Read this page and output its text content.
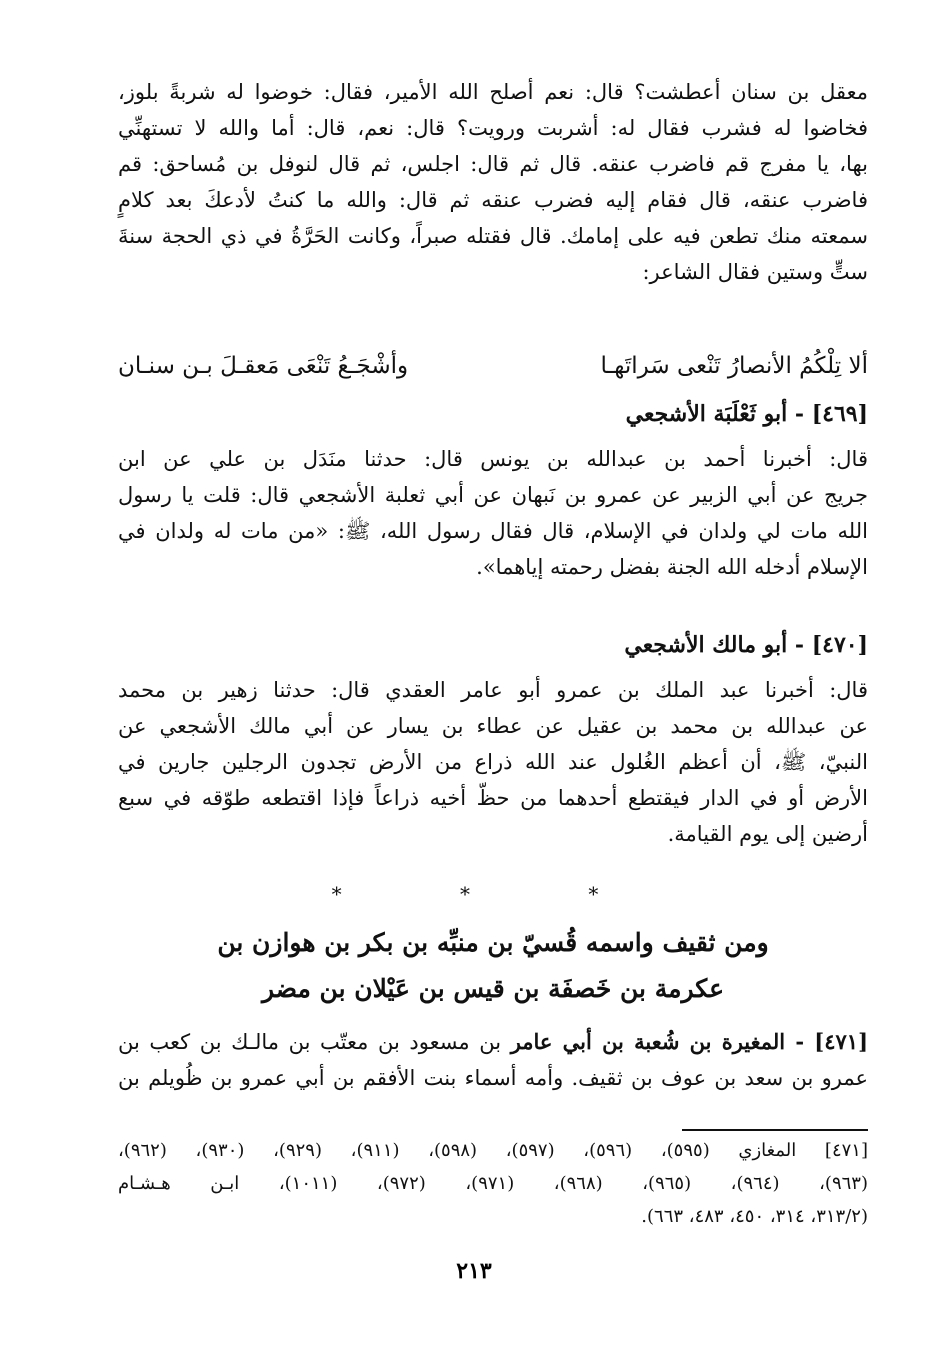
معقل بن سنان أعطشت؟ قال: نعم أصلح الله الأمير، فقال: خوضوا له شربةً بلوز،
فخاضوا له فشرب فقال له: أشربت ورويت؟ قال: نعم، قال: أما والله لا تستهنِّي
بها، يا مفرج قم فاضرب عنقه. قال ثم قال: اجلس، ثم قال لنوفل بن مُساحق: قم
فاضرب عنقه، قال فقام إليه فضرب عنقه ثم قال: والله ما كنتُ لأدعكَ بعد كلامٍ
سمعته منك تطعن فيه على إمامك. قال فقتله صبراً، وكانت الحَرَّةُ في ذي الحجة سنةَ
ستٍّ وستين فقال الشاعر:
ألا تِلْكُمُ الأنصارُ تَنْعى سَراتَهـا
وأشْجَـعُ تَنْعَى مَعقـلَ بـن سنـان
[٤٦٩] - أبو ثَعْلَبَة الأشجعي
قال: أخبرنا أحمد بن عبدالله بن يونس قال: حدثنا منَدَل بن علي عن ابن
جريج عن أبي الزبير عن عمرو بن نَبهان عن أبي ثعلبة الأشجعي قال: قلت يا رسول
الله مات لي ولدان في الإسلام، قال فقال رسول الله، ﷺ: «من مات له ولدان في
الإسلام أدخله الله الجنة بفضل رحمته إياهما».
[٤٧٠] - أبو مالك الأشجعي
قال: أخبرنا عبد الملك بن عمرو أبو عامر العقدي قال: حدثنا زهير بن محمد
عن عبدالله بن محمد بن عقيل عن عطاء بن يسار عن أبي مالك الأشجعي عن
النبيّ، ﷺ، أن أعظم الغُلول عند الله ذراع من الأرض تجدون الرجلين جارين في
الأرض أو في الدار فيقتطع أحدهما من حظّ أخيه ذراعاً فإذا اقتطعه طوّقه في سبع
أرضين إلى يوم القيامة.
* * *
ومن ثقيف واسمه قُسيّ بن منبِّه بن بكر بن هوازن بن
عكرمة بن خَصفَة بن قيس بن عَيْلان بن مضر
[٤٧١] - المغيرة بن شُعبة بن أبي عامر بن مسعود بن معتّب بن مالـك بن كعب بن
عمرو بن سعد بن عوف بن ثقيف. وأمه أسماء بنت الأفقم بن أبي عمرو بن ظُويلم بن
[٤٧١] المغازي (٥٩٥)، (٥٩٦)، (٥٩٧)، (٥٩٨)، (٩١١)، (٩٢٩)، (٩٣٠)، (٩٦٢)،
(٩٦٣)، (٩٦٤)، (٩٦٥)، (٩٦٨)، (٩٧١)، (٩٧٢)، (١٠١١)، ابـن هـشـام
(٣١٣/٢، ٣١٤، ٤٥٠، ٤٨٣، ٦٦٣).
٢١٣
